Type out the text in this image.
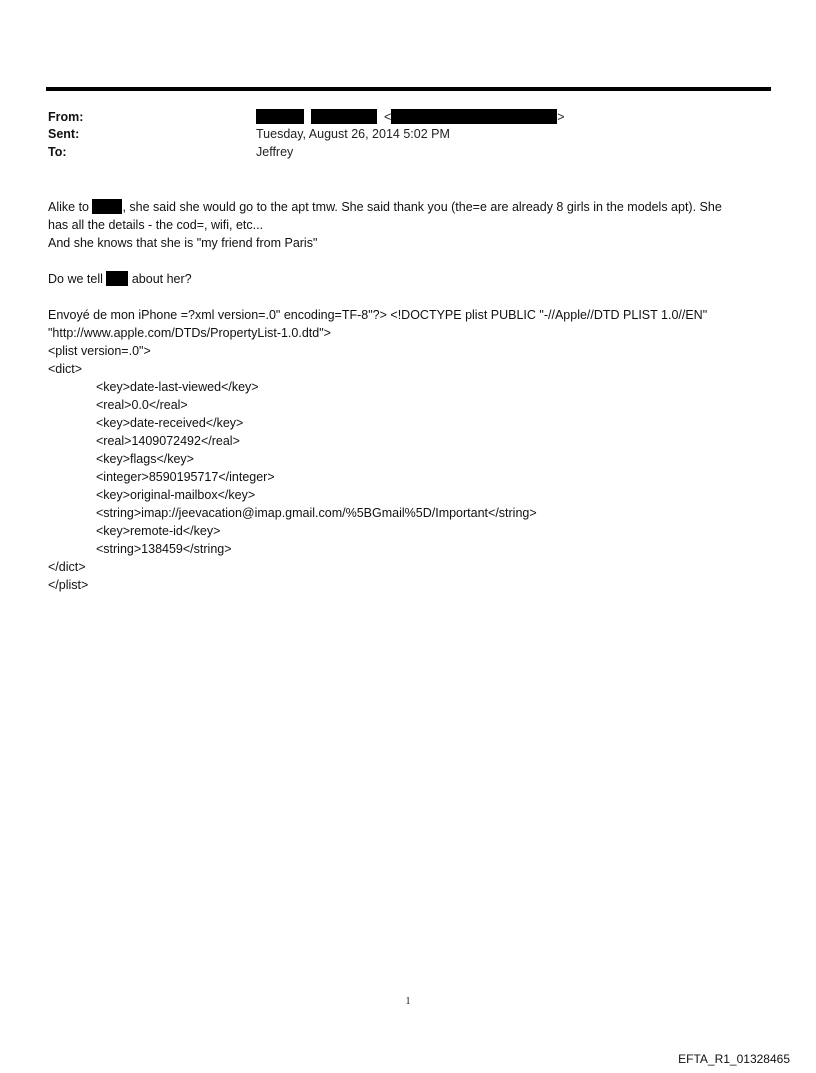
From:	<	>
Sent:	Tuesday, August 26, 2014 5:02 PM
To:	Jeffrey
Alike to , she said she would go to the apt tmw. She said thank you (the=e are already 8 girls in the models apt). She
has all the details - the cod=, wifi, etc...
And she knows that she is "my friend from Paris"
Do we tell  about her?
Envoyé de mon iPhone =?xml version=.0" encoding=TF-8"?> <!DOCTYPE plist PUBLIC "-//Apple//DTD PLIST 1.0//EN"
"http://www.apple.com/DTDs/PropertyList-1.0.dtd">
<plist version=.0">
<dict>
<key>date-last-viewed</key>
<real>0.0</real>
<key>date-received</key>
<real>1409072492</real>
<key>flags</key>
<integer>8590195717</integer>
<key>original-mailbox</key>
<string>imap://jeevacation@imap.gmail.com/%5BGmail%5D/Important</string>
<key>remote-id</key>
<string>138459</string>
</dict>
</plist>
1
EFTA_R1_01328465
